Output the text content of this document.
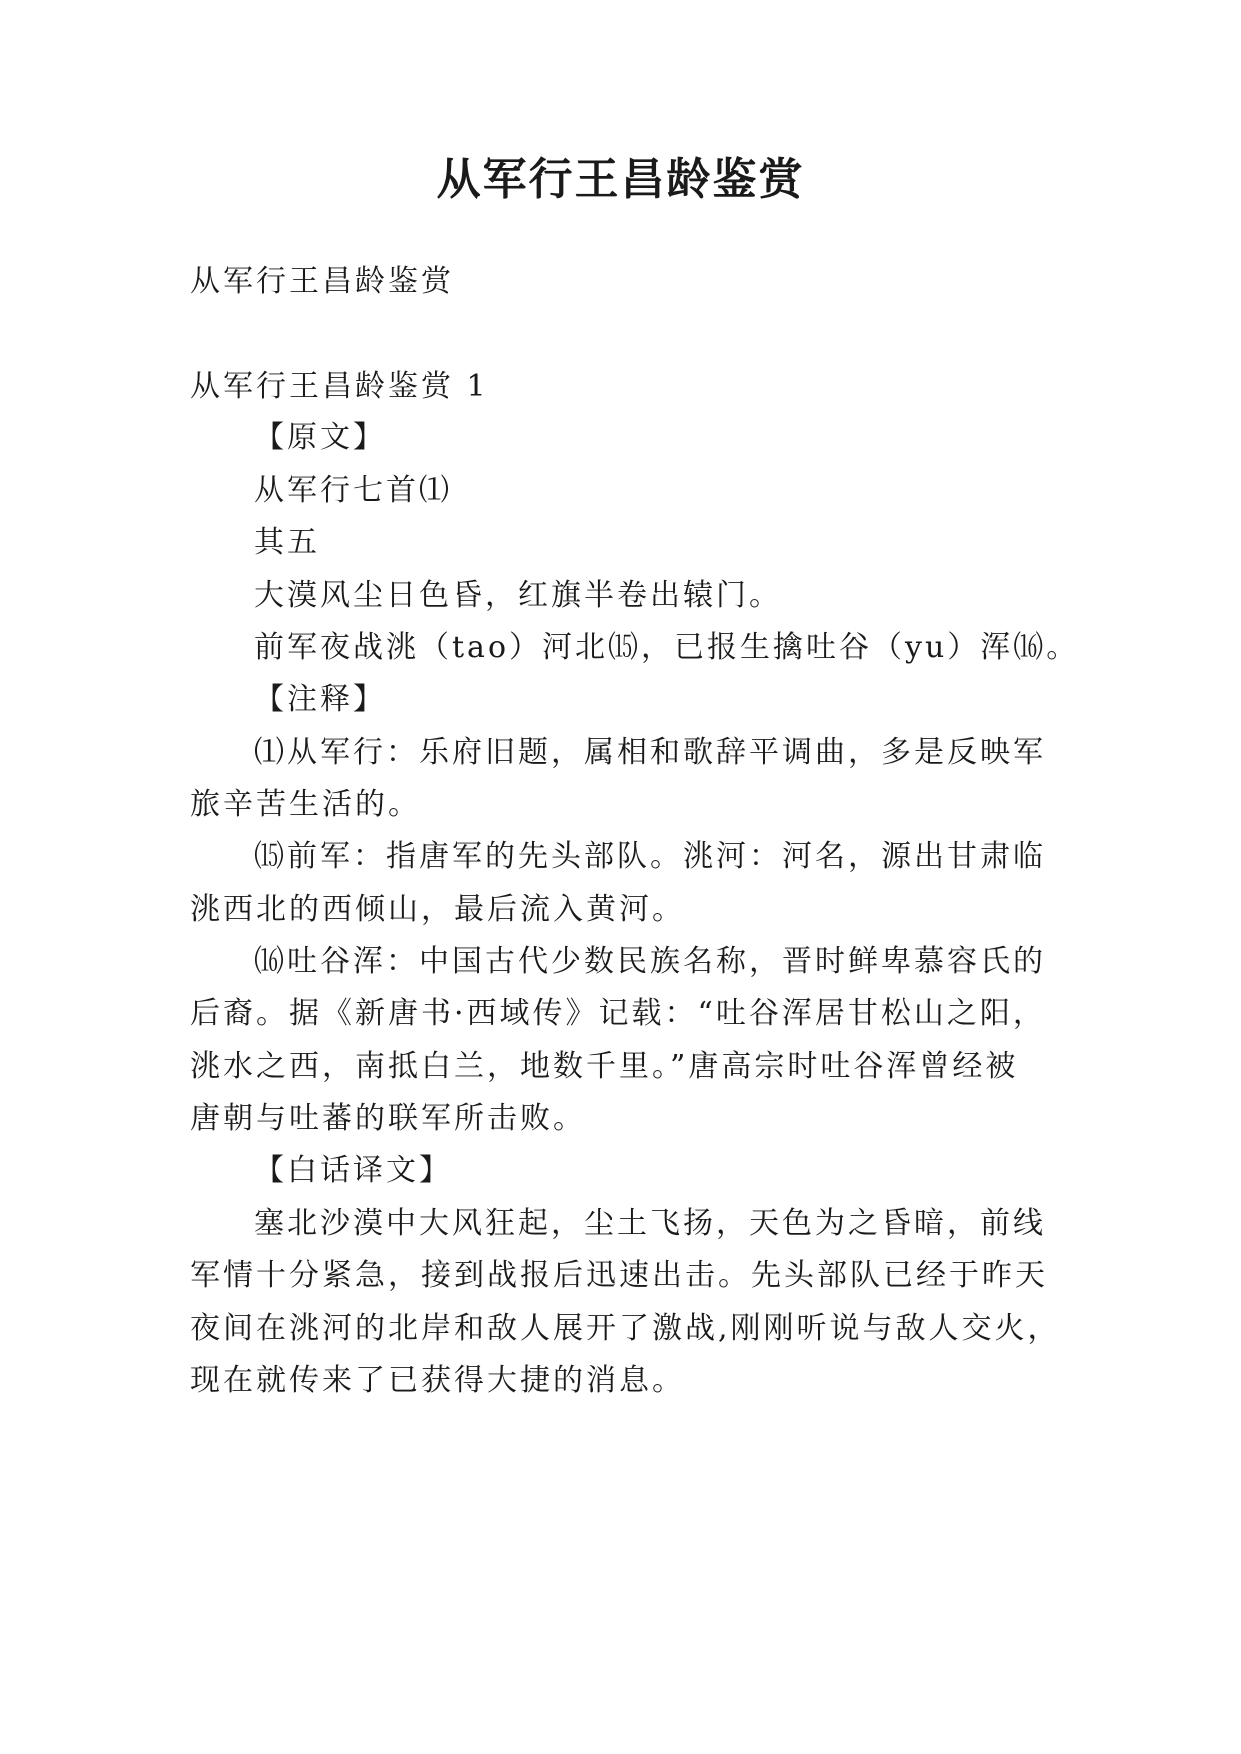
从军行王昌龄鉴赏
从军行王昌龄鉴赏
从军行王昌龄鉴赏 1
【原文】
从军行七首⑴
其五
大漠风尘日色昏，红旗半卷出辕门。
前军夜战洮（tao）河北⒂，已报生擒吐谷（yu）浑⒃。
【注释】
⑴从军行：乐府旧题，属相和歌辞平调曲，多是反映军
旅辛苦生活的。
⒂前军：指唐军的先头部队。洮河：河名，源出甘肃临
洮西北的西倾山，最后流入黄河。
⒃吐谷浑：中国古代少数民族名称，晋时鲜卑慕容氏的
后裔。据《新唐书·西域传》记载：“吐谷浑居甘松山之阳，
洮水之西，南抵白兰，地数千里。”唐高宗时吐谷浑曾经被
唐朝与吐蕃的联军所击败。
【白话译文】
塞北沙漠中大风狂起，尘土飞扬，天色为之昏暗，前线
军情十分紧急，接到战报后迅速出击。先头部队已经于昨天
夜间在洮河的北岸和敌人展开了激战,刚刚听说与敌人交火，
现在就传来了已获得大捷的消息。
